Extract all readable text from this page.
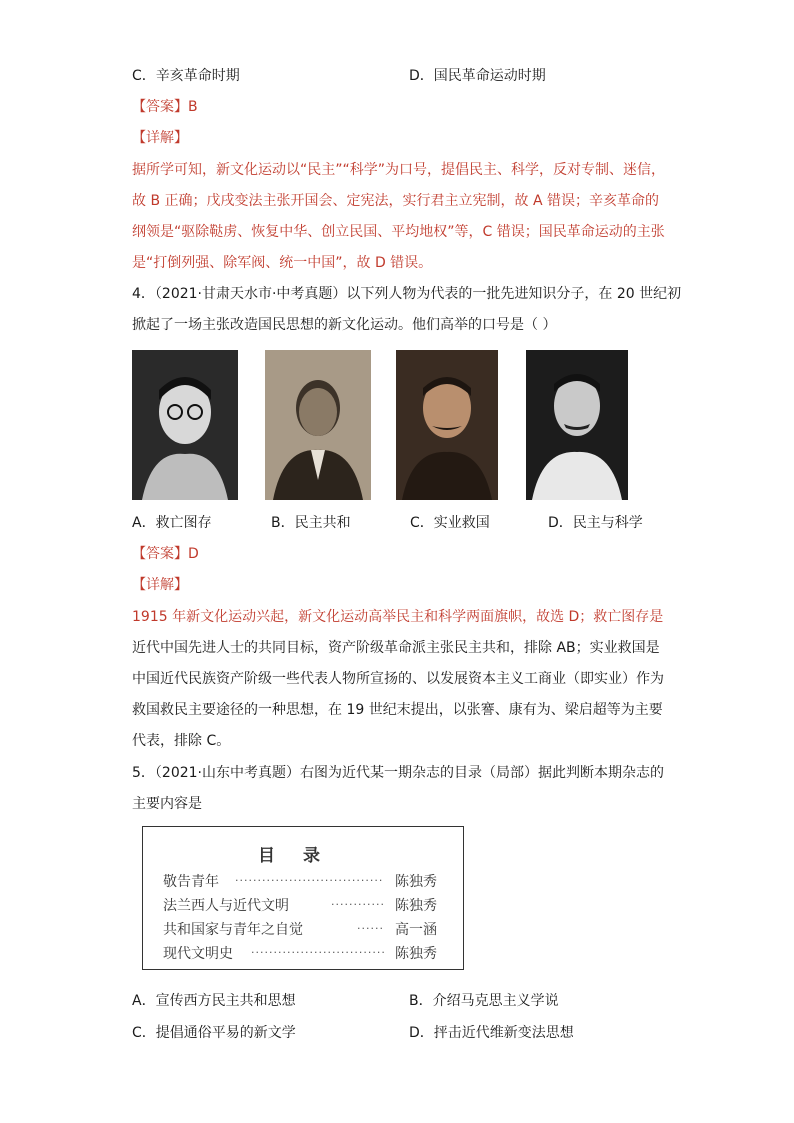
C．辛亥革命时期	D．国民革命运动时期
【答案】B
【详解】
据所学可知，新文化运动以“民主”“科学”为口号，提倡民主、科学，反对专制、迷信，
故 B 正确；戊戌变法主张开国会、定宪法，实行君主立宪制，故 A 错误；辛亥革命的
纲领是“驱除鞑虏、恢复中华、创立民国、平均地权”等，C 错误；国民革命运动的主张
是“打倒列强、除军阀、统一中国”，故 D 错误。
4．（2021·甘肃天水市·中考真题）以下列人物为代表的一批先进知识分子，在 20 世纪初
掀起了一场主张改造国民思想的新文化运动。他们高举的口号是（ ）
A．救亡图存	B．民主共和	C．实业救国	D．民主与科学
【答案】D
【详解】
1915 年新文化运动兴起，新文化运动高举民主和科学两面旗帜，故选 D；救亡图存是
近代中国先进人士的共同目标，资产阶级革命派主张民主共和，排除 AB；实业救国是
中国近代民族资产阶级一些代表人物所宣扬的、以发展资本主义工商业（即实业）作为
救国救民主要途径的一种思想，在 19 世纪末提出，以张謇、康有为、梁启超等为主要
代表，排除 C。
5．（2021·山东中考真题）右图为近代某一期杂志的目录（局部）据此判断本期杂志的
主要内容是
目录
敬告青年 ································· 陈独秀
法兰西人与近代文明	············ 陈独秀
共和国家与青年之自觉	······ 高一涵
现代文明史 ······························ 陈独秀
A．宣传西方民主共和思想	B．介绍马克思主义学说
C．提倡通俗平易的新文学	D．抨击近代维新变法思想
